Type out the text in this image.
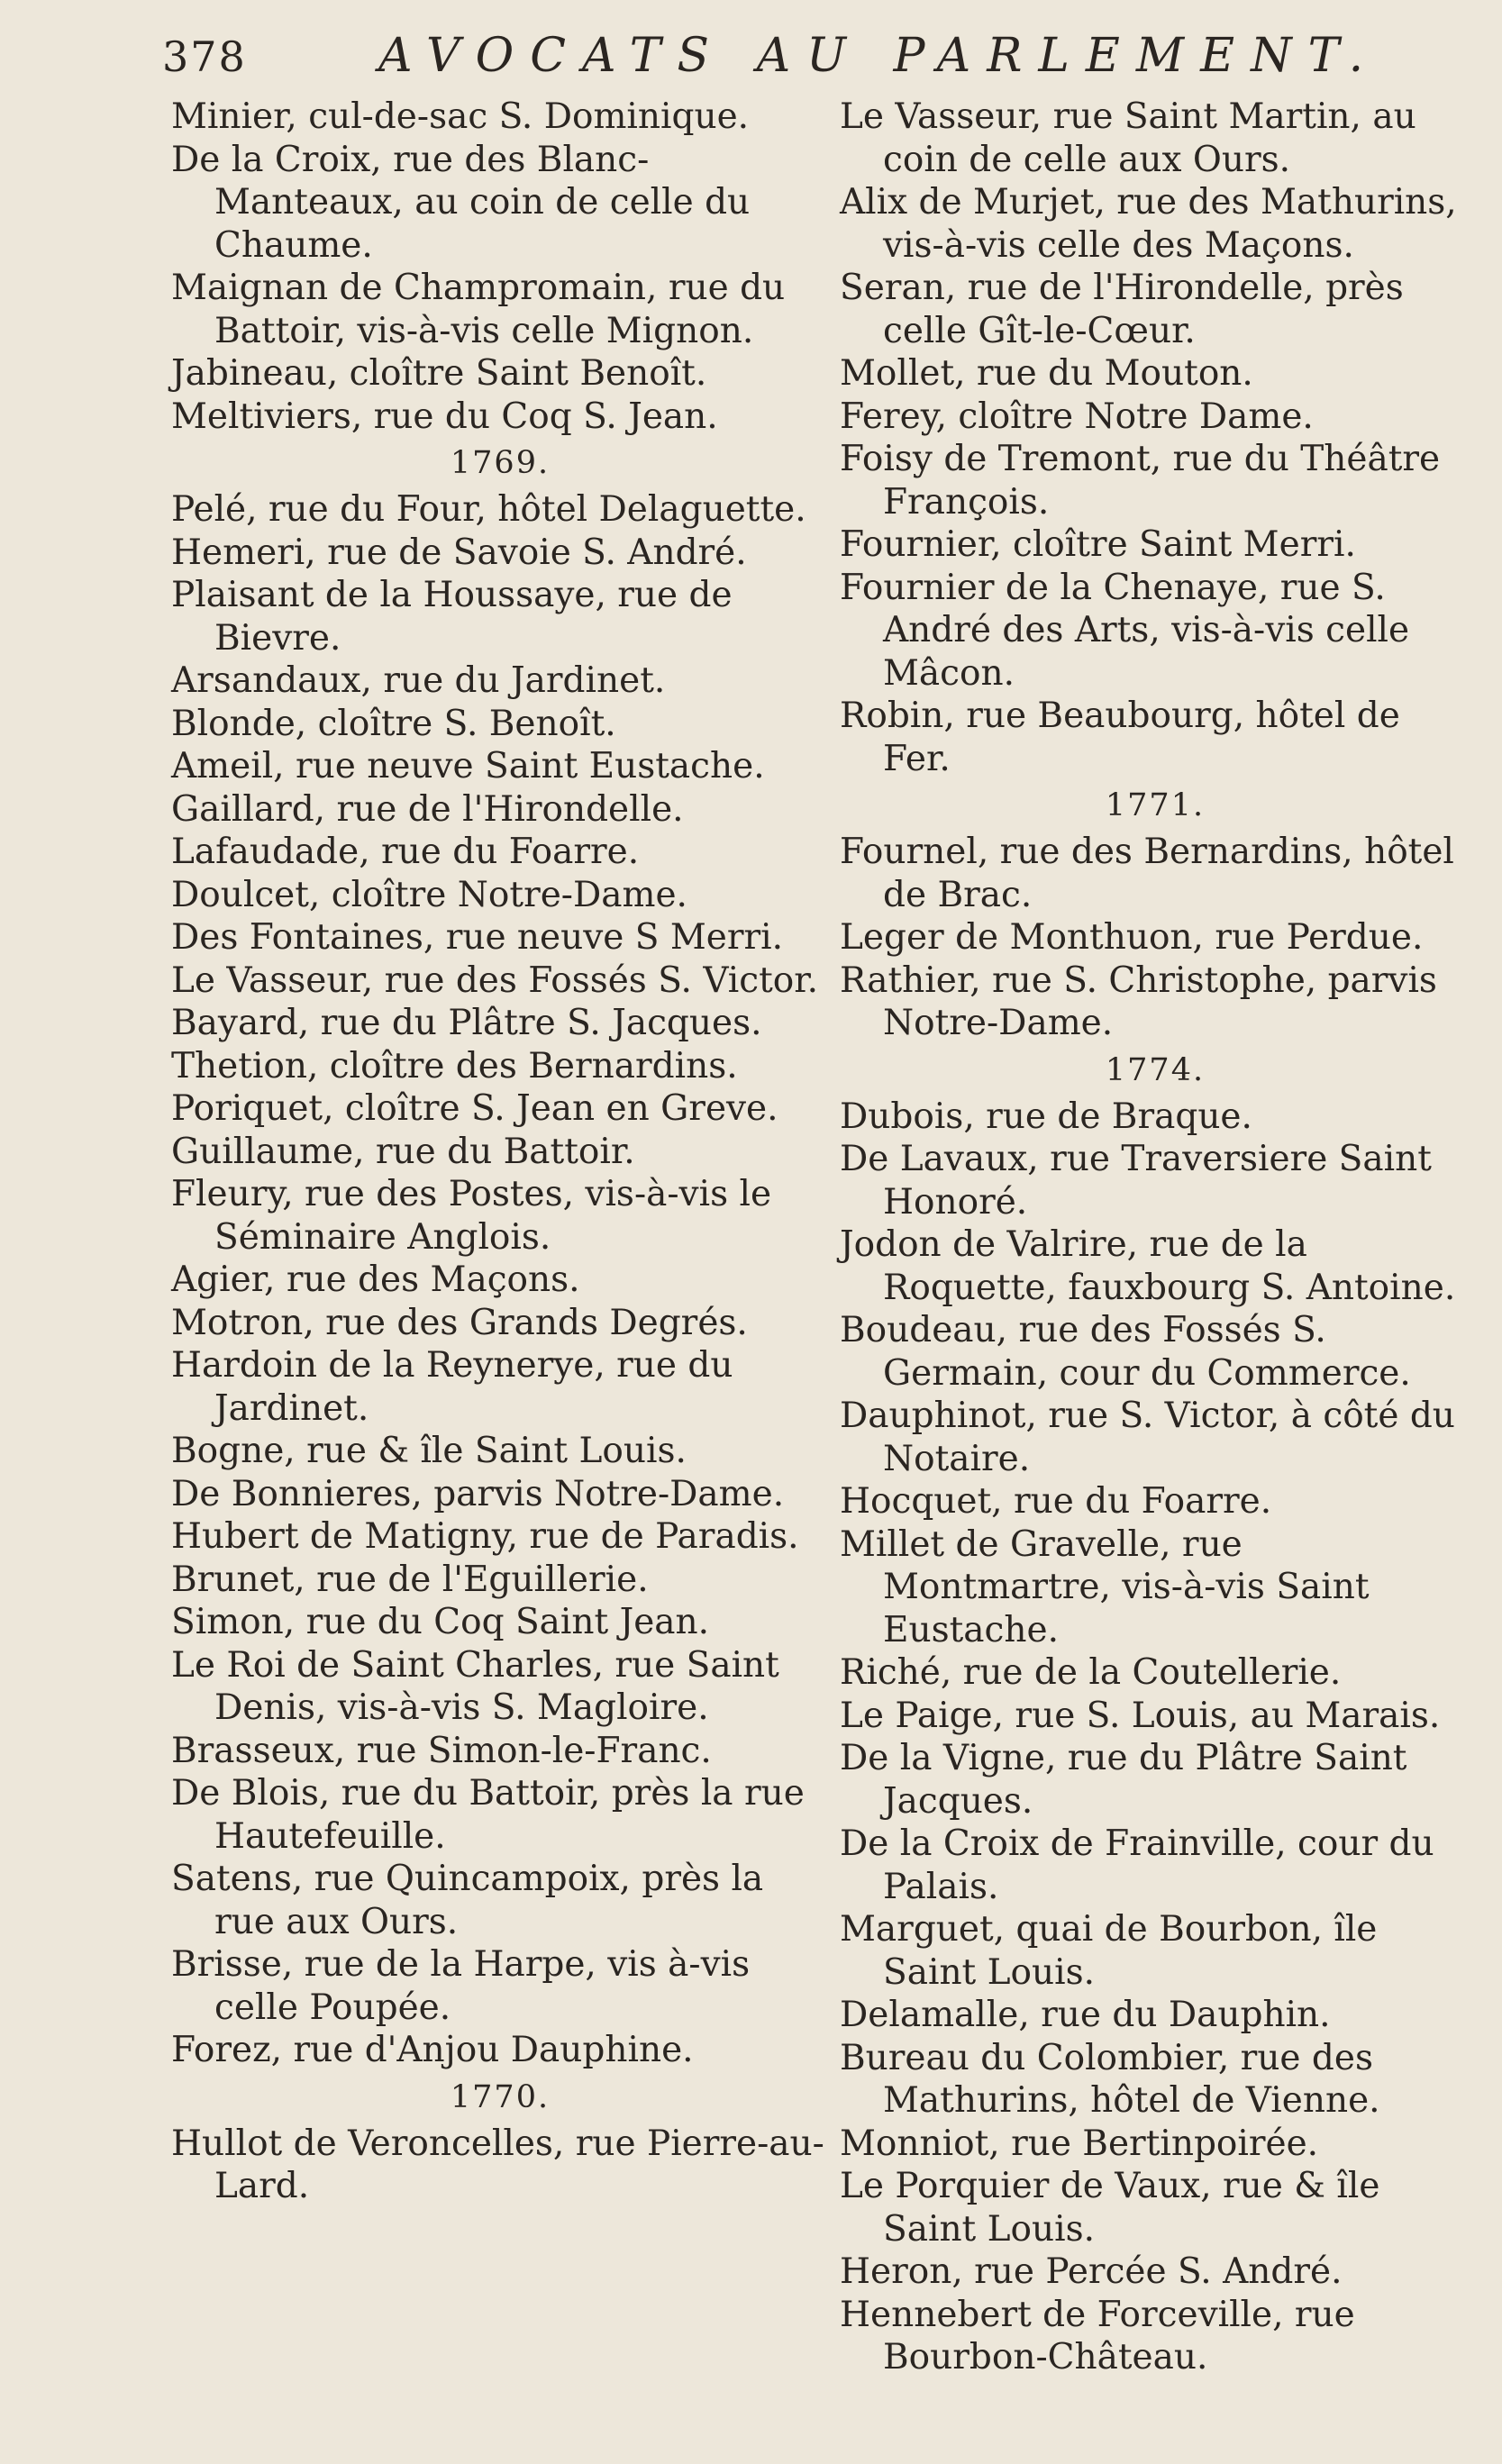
378	AVOCATS AU PARLEMENT.

Minier, cul-de-sac S. Dominique.

De la Croix, rue des Blanc-Manteaux, au coin de celle du Chaume.

Maignan de Champromain, rue du Battoir, vis-à-vis celle Mignon.

Jabineau, cloître Saint Benoît.

Meltiviers, rue du Coq S. Jean.

1769.

Pelé, rue du Four, hôtel Delaguette.

Hemeri, rue de Savoie S. André.

Plaisant de la Houssaye, rue de Bievre.

Arsandaux, rue du Jardinet.

Blonde, cloître S. Benoît.

Ameil, rue neuve Saint Eustache.

Gaillard, rue de l'Hirondelle.

Lafaudade, rue du Foarre.

Doulcet, cloître Notre-Dame.

Des Fontaines, rue neuve S Merri.

Le Vasseur, rue des Fossés S. Victor.

Bayard, rue du Plâtre S. Jacques.

Thetion, cloître des Bernardins.

Poriquet, cloître S. Jean en Greve.

Guillaume, rue du Battoir.

Fleury, rue des Postes, vis-à-vis le Séminaire Anglois.

Agier, rue des Maçons.

Motron, rue des Grands Degrés.

Hardoin de la Reynerye, rue du Jardinet.

Bogne, rue & île Saint Louis.

De Bonnieres, parvis Notre-Dame.

Hubert de Matigny, rue de Paradis.

Brunet, rue de l'Eguillerie.

Simon, rue du Coq Saint Jean.

Le Roi de Saint Charles, rue Saint Denis, vis-à-vis S. Magloire.

Brasseux, rue Simon-le-Franc.

De Blois, rue du Battoir, près la rue Hautefeuille.

Satens, rue Quincampoix, près la rue aux Ours.

Brisse, rue de la Harpe, vis à-vis celle Poupée.

Forez, rue d'Anjou Dauphine.

1770.

Hullot de Veroncelles, rue Pierre-au-Lard.

Le Vasseur, rue Saint Martin, au coin de celle aux Ours.

Alix de Murjet, rue des Mathurins, vis-à-vis celle des Maçons.

Seran, rue de l'Hirondelle, près celle Gît-le-Cœur.

Mollet, rue du Mouton.

Ferey, cloître Notre Dame.

Foisy de Tremont, rue du Théâtre François.

Fournier, cloître Saint Merri.

Fournier de la Chenaye, rue S. André des Arts, vis-à-vis celle Mâcon.

Robin, rue Beaubourg, hôtel de Fer.

1771.

Fournel, rue des Bernardins, hôtel de Brac.

Leger de Monthuon, rue Perdue.

Rathier, rue S. Christophe, parvis Notre-Dame.

1774.

Dubois, rue de Braque.

De Lavaux, rue Traversiere Saint Honoré.

Jodon de Valrire, rue de la Roquette, fauxbourg S. Antoine.

Boudeau, rue des Fossés S. Germain, cour du Commerce.

Dauphinot, rue S. Victor, à côté du Notaire.

Hocquet, rue du Foarre.

Millet de Gravelle, rue Montmartre, vis-à-vis Saint Eustache.

Riché, rue de la Coutellerie.

Le Paige, rue S. Louis, au Marais.

De la Vigne, rue du Plâtre Saint Jacques.

De la Croix de Frainville, cour du Palais.

Marguet, quai de Bourbon, île Saint Louis.

Delamalle, rue du Dauphin.

Bureau du Colombier, rue des Mathurins, hôtel de Vienne.

Monniot, rue Bertinpoirée.

Le Porquier de Vaux, rue & île Saint Louis.

Heron, rue Percée S. André.

Hennebert de Forceville, rue Bourbon-Château.
